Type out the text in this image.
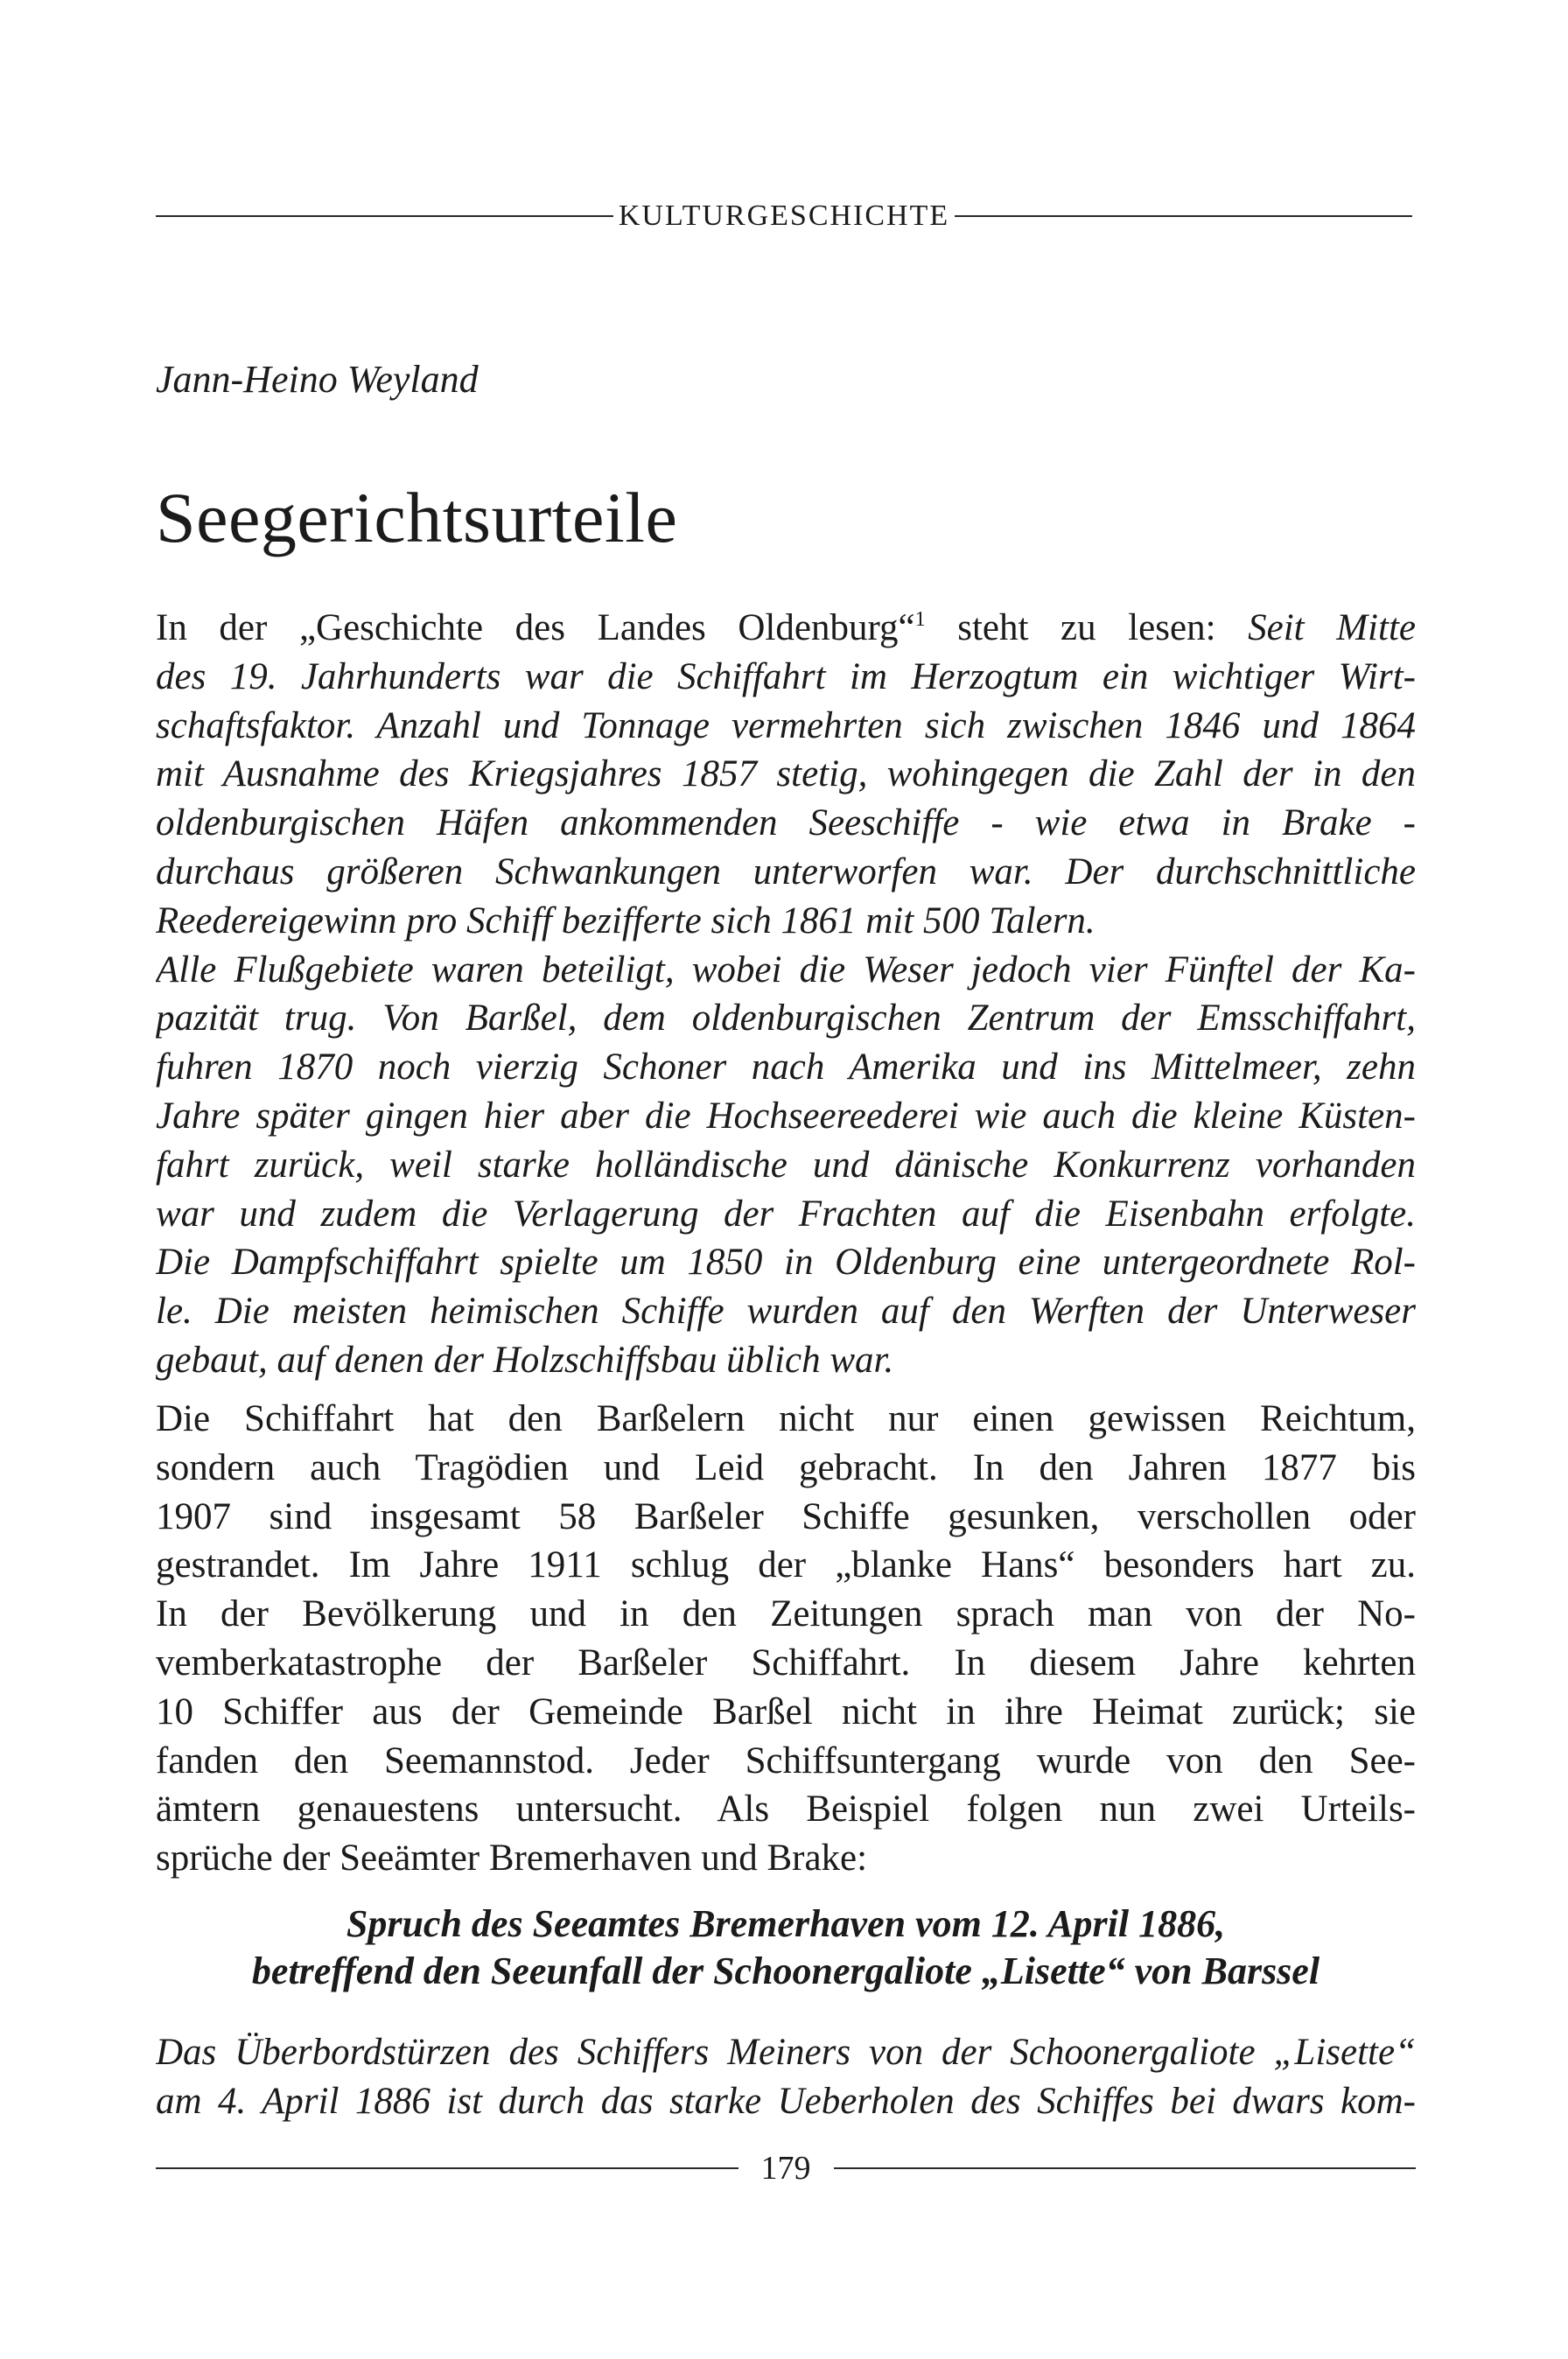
KULTURGESCHICHTE
Jann-Heino Weyland
Seegerichtsurteile
In der „Geschichte des Landes Oldenburg“$^1$ steht zu lesen: Seit Mitte
des 19. Jahrhunderts war die Schiffahrt im Herzogtum ein wichtiger Wirt-
schaftsfaktor. Anzahl und Tonnage vermehrten sich zwischen 1846 und 1864
mit Ausnahme des Kriegsjahres 1857 stetig, wohingegen die Zahl der in den
oldenburgischen Häfen ankommenden Seeschiffe - wie etwa in Brake -
durchaus größeren Schwankungen unterworfen war. Der durchschnittliche
Reedereigewinn pro Schiff bezifferte sich 1861 mit 500 Talern.
Alle Flußgebiete waren beteiligt, wobei die Weser jedoch vier Fünftel der Ka-
pazität trug. Von Barßel, dem oldenburgischen Zentrum der Emsschiffahrt,
fuhren 1870 noch vierzig Schoner nach Amerika und ins Mittelmeer, zehn
Jahre später gingen hier aber die Hochseereederei wie auch die kleine Küsten-
fahrt zurück, weil starke holländische und dänische Konkurrenz vorhanden
war und zudem die Verlagerung der Frachten auf die Eisenbahn erfolgte.
Die Dampfschiffahrt spielte um 1850 in Oldenburg eine untergeordnete Rol-
le. Die meisten heimischen Schiffe wurden auf den Werften der Unterweser
gebaut, auf denen der Holzschiffsbau üblich war.
Die Schiffahrt hat den Barßelern nicht nur einen gewissen Reichtum,
sondern auch Tragödien und Leid gebracht. In den Jahren 1877 bis
1907 sind insgesamt 58 Barßeler Schiffe gesunken, verschollen oder
gestrandet. Im Jahre 1911 schlug der „blanke Hans“ besonders hart zu.
In der Bevölkerung und in den Zeitungen sprach man von der No-
vemberkatastrophe der Barßeler Schiffahrt. In diesem Jahre kehrten
10 Schiffer aus der Gemeinde Barßel nicht in ihre Heimat zurück; sie
fanden den Seemannstod. Jeder Schiffsuntergang wurde von den See-
ämtern genauestens untersucht. Als Beispiel folgen nun zwei Urteils-
sprüche der Seeämter Bremerhaven und Brake:
Spruch des Seeamtes Bremerhaven vom 12. April 1886,
betreffend den Seeunfall der Schoonergaliote „Lisette“ von Barssel
Das Überbordstürzen des Schiffers Meiners von der Schoonergaliote „Lisette“
am 4. April 1886 ist durch das starke Ueberholen des Schiffes bei dwars kom-
179
